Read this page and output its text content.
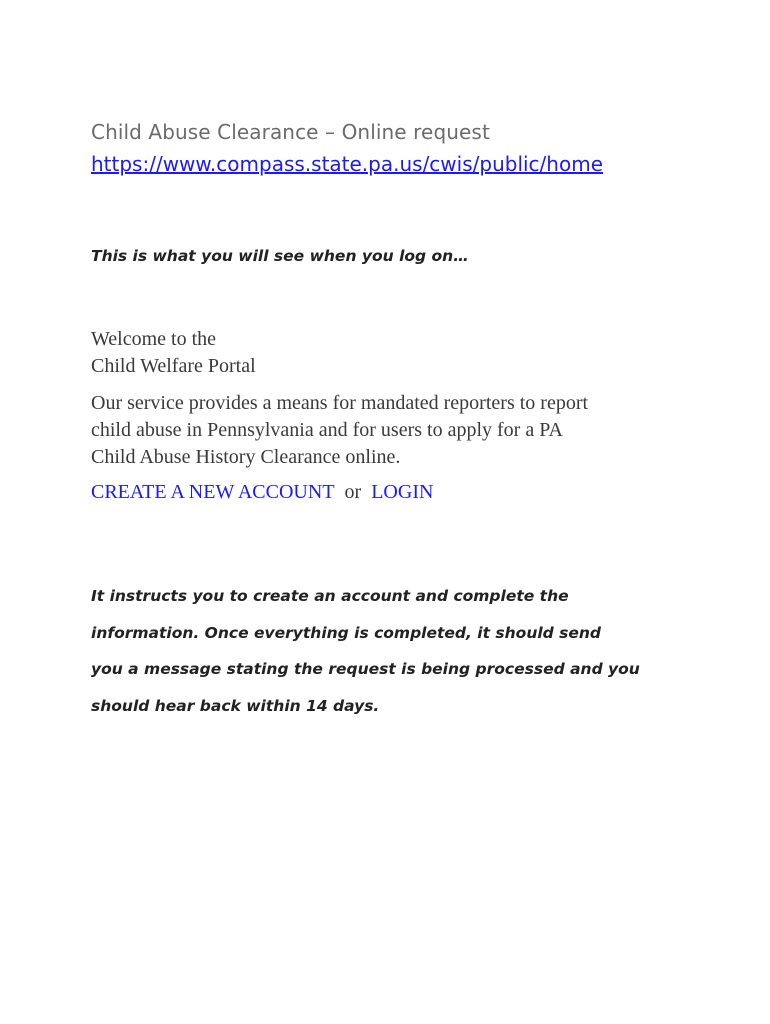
Child Abuse Clearance – Online request
https://www.compass.state.pa.us/cwis/public/home
This is what you will see when you log on…
Welcome to the
Child Welfare Portal
Our service provides a means for mandated reporters to report
child abuse in Pennsylvania and for users to apply for a PA
Child Abuse History Clearance online.
CREATE A NEW ACCOUNT or LOGIN
It instructs you to create an account and complete the
information. Once everything is completed, it should send
you a message stating the request is being processed and you
should hear back within 14 days.
